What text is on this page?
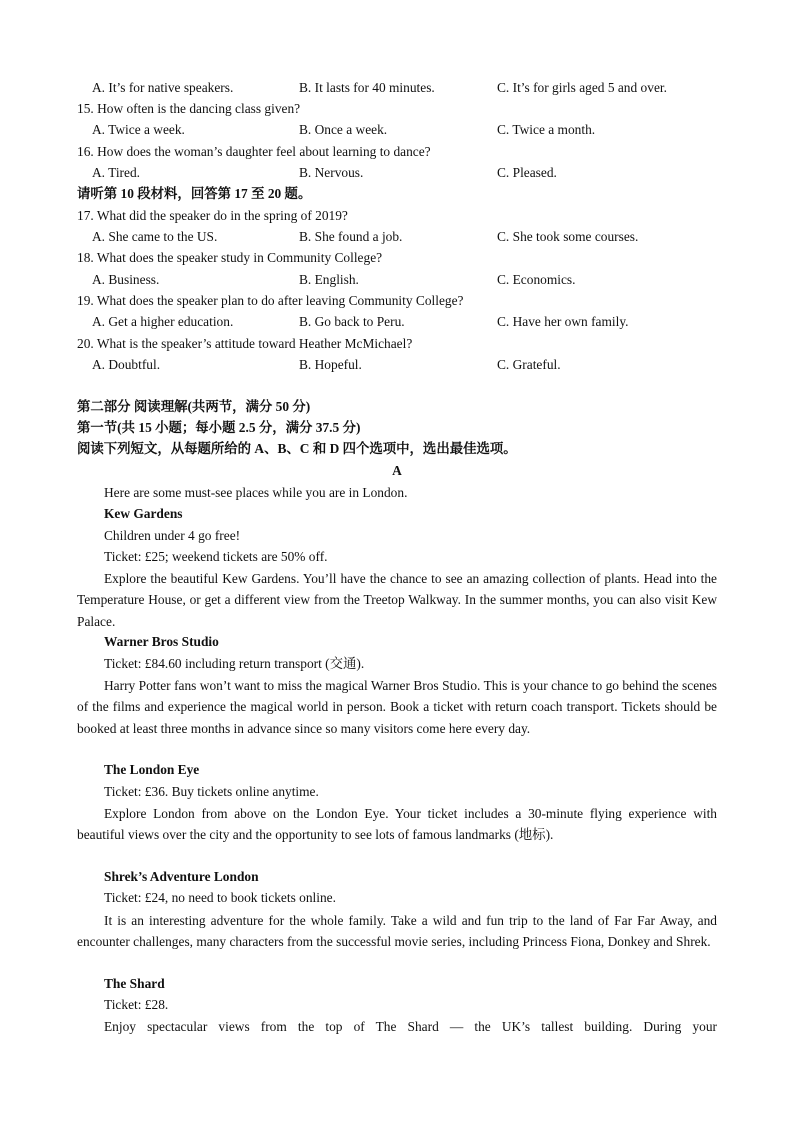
A. It’s for native speakers.	B. It lasts for 40 minutes.	C. It’s for girls aged 5 and over.
15. How often is the dancing class given?
A. Twice a week.	B. Once a week.	C. Twice a month.
16. How does the woman’s daughter feel about learning to dance?
A. Tired.	B. Nervous.	C. Pleased.
请听第 10 段材料，回答第 17 至 20 题。
17. What did the speaker do in the spring of 2019?
A. She came to the US.	B. She found a job.	C. She took some courses.
18. What does the speaker study in Community College?
A. Business.	B. English.	C. Economics.
19. What does the speaker plan to do after leaving Community College?
A. Get a higher education.	B. Go back to Peru.	C. Have her own family.
20. What is the speaker’s attitude toward Heather McMichael?
A. Doubtful.	B. Hopeful.	C. Grateful.
第二部分 阅读理解(共两节，满分 50 分)
第一节(共 15 小题；每小题 2.5 分，满分 37.5 分)
阅读下列短文，从每题所给的 A、B、C 和 D 四个选项中，选出最佳选项。
A
Here are some must-see places while you are in London.
Kew Gardens
Children under 4 go free!
Ticket: £25; weekend tickets are 50% off.
Explore the beautiful Kew Gardens. You’ll have the chance to see an amazing collection of plants. Head into the Temperature House, or get a different view from the Treetop Walkway. In the summer months, you can also visit Kew Palace.
Warner Bros Studio
Ticket: £84.60 including return transport (交通).
Harry Potter fans won’t want to miss the magical Warner Bros Studio. This is your chance to go behind the scenes of the films and experience the magical world in person. Book a ticket with return coach transport. Tickets should be booked at least three months in advance since so many visitors come here every day.
The London Eye
Ticket: £36. Buy tickets online anytime.
Explore London from above on the London Eye. Your ticket includes a 30-minute flying experience with beautiful views over the city and the opportunity to see lots of famous landmarks (地标).
Shrek’s Adventure London
Ticket: £24, no need to book tickets online.
It is an interesting adventure for the whole family. Take a wild and fun trip to the land of Far Far Away, and encounter challenges, many characters from the successful movie series, including Princess Fiona, Donkey and Shrek.
The Shard
Ticket: £28.
Enjoy spectacular views from the top of The Shard — the UK’s tallest building. During your
